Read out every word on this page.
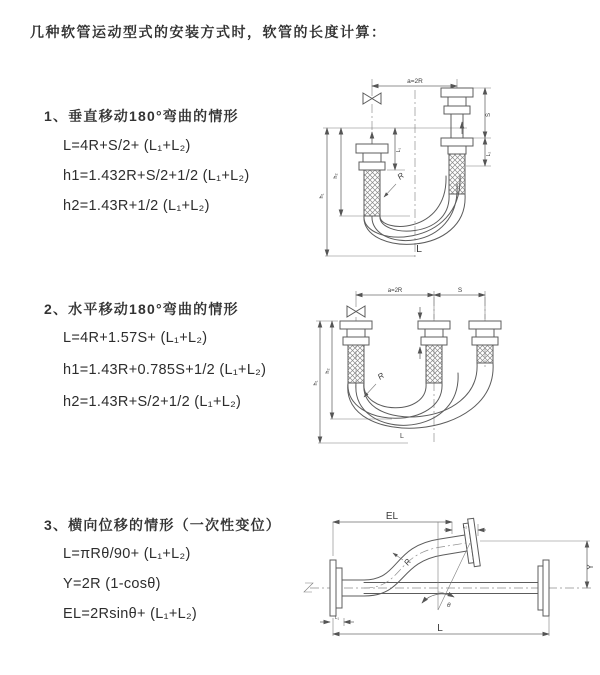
几种软管运动型式的安装方式时，软管的长度计算：
1、垂直移动180°弯曲的情形
L=4R+S/2+ (L₁+L₂)
h1=1.432R+S/2+1/2 (L₁+L₂)
h2=1.43R+1/2 (L₁+L₂)
2、水平移动180°弯曲的情形
L=4R+1.57S+ (L₁+L₂)
h1=1.43R+0.785S+1/2 (L₁+L₂)
h2=1.43R+S/2+1/2 (L₁+L₂)
3、横向位移的情形（一次性变位）
L=πRθ/90+ (L₁+L₂)
Y=2R (1-cosθ)
EL=2Rsinθ+ (L₁+L₂)
a=2R
h₁
h₂
L₁
S
L₂
R
L
a=2R	S
h₁
h₂	R
L
EL
L₂
Y
θ
L
L₁
R
